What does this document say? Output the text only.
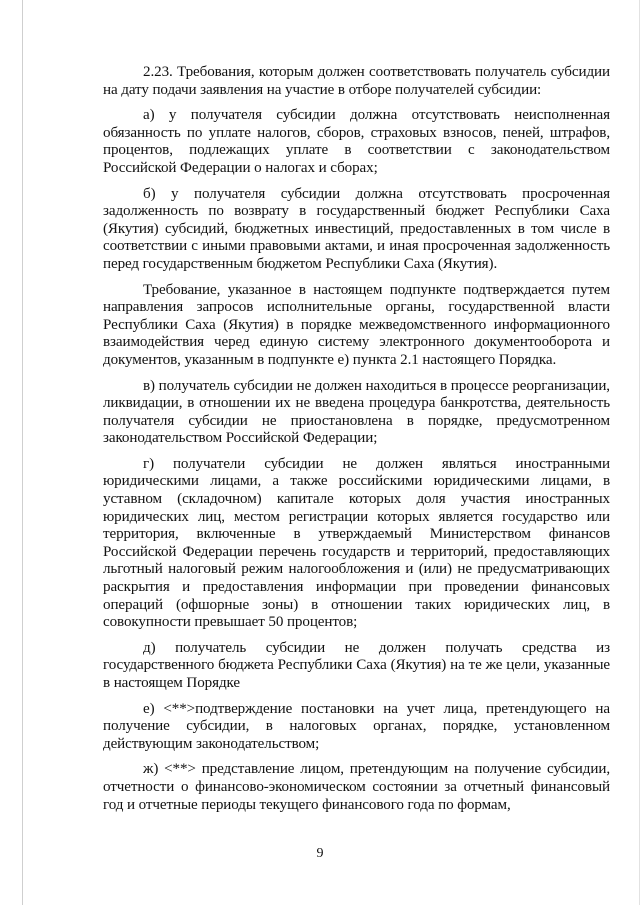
2.23. Требования, которым должен соответствовать получатель субсидии на дату подачи заявления на участие в отборе получателей субсидии:

а) у получателя субсидии должна отсутствовать неисполненная обязанность по уплате налогов, сборов, страховых взносов, пеней, штрафов, процентов, подлежащих уплате в соответствии с законодательством Российской Федерации о налогах и сборах;

б) у получателя субсидии должна отсутствовать просроченная задолженность по возврату в государственный бюджет Республики Саха (Якутия) субсидий, бюджетных инвестиций, предоставленных в том числе в соответствии с иными правовыми актами, и иная просроченная задолженность перед государственным бюджетом Республики Саха (Якутия).

Требование, указанное в настоящем подпункте подтверждается путем направления запросов исполнительные органы, государственной власти Республики Саха (Якутия) в порядке межведомственного информационного взаимодействия черед единую систему электронного документооборота и документов, указанным в подпункте е) пункта 2.1 настоящего Порядка.

в) получатель субсидии не должен находиться в процессе реорганизации, ликвидации, в отношении их не введена процедура банкротства, деятельность получателя субсидии не приостановлена в порядке, предусмотренном законодательством Российской Федерации;

г) получатели субсидии не должен являться иностранными юридическими лицами, а также российскими юридическими лицами, в уставном (складочном) капитале которых доля участия иностранных юридических лиц, местом регистрации которых является государство или территория, включенные в утверждаемый Министерством финансов Российской Федерации перечень государств и территорий, предоставляющих льготный налоговый режим налогообложения и (или) не предусматривающих раскрытия и предоставления информации при проведении финансовых операций (офшорные зоны) в отношении таких юридических лиц, в совокупности превышает 50 процентов;

д) получатель субсидии не должен получать средства из государственного бюджета Республики Саха (Якутия) на те же цели, указанные в настоящем Порядке

е) <**>подтверждение постановки на учет лица, претендующего на получение субсидии, в налоговых органах, порядке, установленном действующим законодательством;

ж) <**> представление лицом, претендующим на получение субсидии, отчетности о финансово-экономическом состоянии за отчетный финансовый год и отчетные периоды текущего финансового года по формам,

9
